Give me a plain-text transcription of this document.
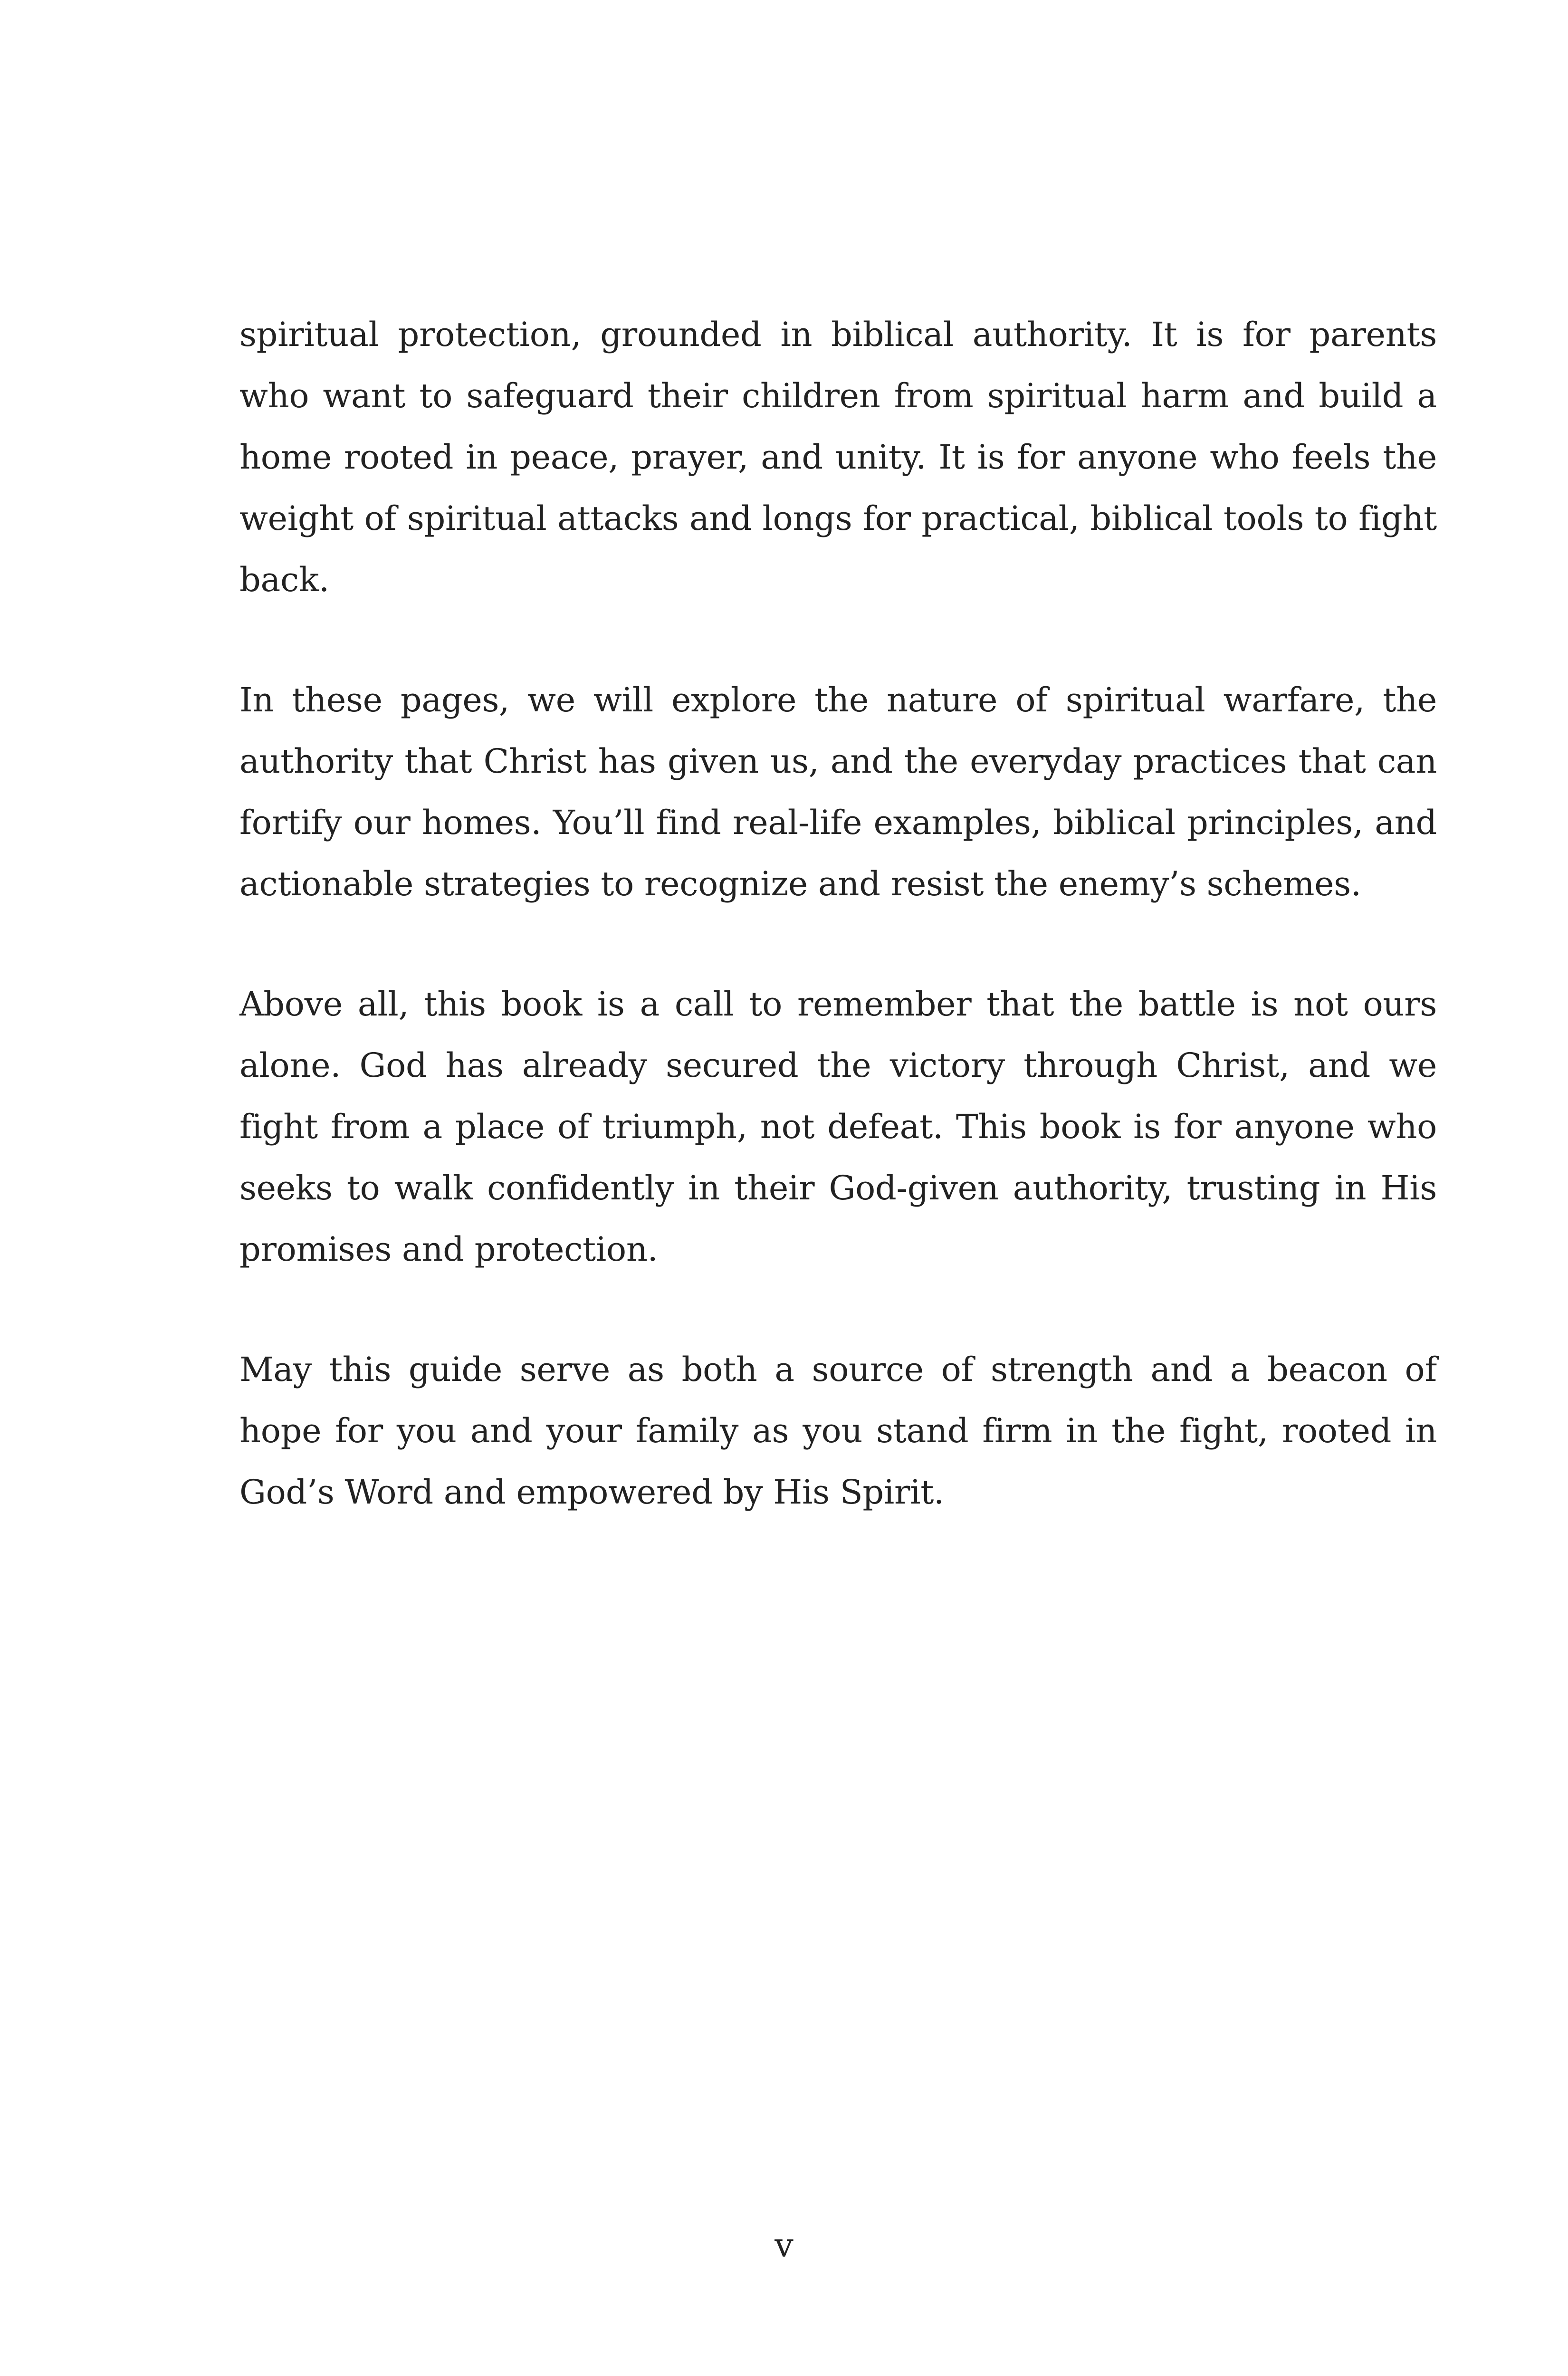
spiritual protection, grounded in biblical authority. It is for parents who want to safeguard their children from spiritual harm and build a home rooted in peace, prayer, and unity. It is for anyone who feels the weight of spiritual attacks and longs for practical, biblical tools to fight back.

In these pages, we will explore the nature of spiritual warfare, the authority that Christ has given us, and the everyday practices that can fortify our homes. You’ll find real-life examples, biblical principles, and actionable strategies to recognize and resist the enemy’s schemes.

Above all, this book is a call to remember that the battle is not ours alone. God has already secured the victory through Christ, and we fight from a place of triumph, not defeat. This book is for anyone who seeks to walk confidently in their God-given authority, trusting in His promises and protection.

May this guide serve as both a source of strength and a beacon of hope for you and your family as you stand firm in the fight, rooted in God’s Word and empowered by His Spirit.

v
